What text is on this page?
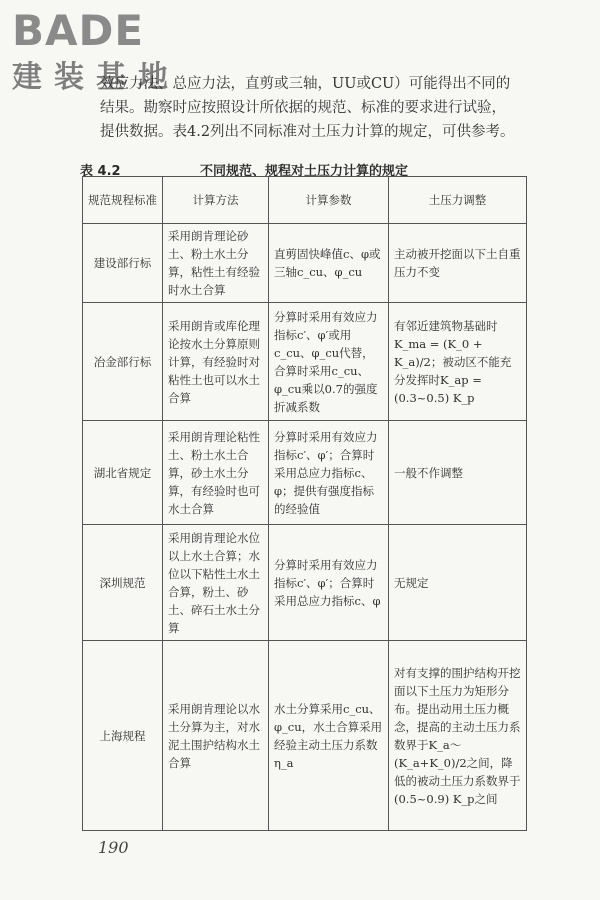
BADE
建装基地

效应力法、总应力法，直剪或三轴，UU或CU）可能得出不同的结果。勘察时应按照设计所依据的规范、标准的要求进行试验，提供数据。表4.2列出不同标准对土压力计算的规定，可供参考。

表 4.2	不同规范、规程对土压力计算的规定
规范规程标准	计算方法	计算参数	土压力调整
建设部行标	采用朗肯理论砂土、粉土水土分算，粘性土有经验时水土合算	直剪固快峰值c、φ或三轴c_cu、φ_cu	主动被开挖面以下土自重压力不变
冶金部行标	采用朗肯或库伦理论按水土分算原则计算，有经验时对粘性土也可以水土合算	分算时采用有效应力指标c′、φ′或用c_cu、φ_cu代替，合算时采用c_cu、φ_cu乘以0.7的强度折减系数	有邻近建筑物基础时K_ma = (K_0 + K_a)/2；被动区不能充分发挥时K_ap = (0.3~0.5) K_p
湖北省规定	采用朗肯理论粘性土、粉土水土合算，砂土水土分算，有经验时也可水土合算	分算时采用有效应力指标c′、φ′；合算时采用总应力指标c、φ；提供有强度指标的经验值	一般不作调整
深圳规范	采用朗肯理论水位以上水土合算；水位以下粘性土水土合算，粉土、砂土、碎石土水土分算	分算时采用有效应力指标c′、φ′；合算时采用总应力指标c、φ	无规定
上海规程	采用朗肯理论以水土分算为主，对水泥土围护结构水土合算	水土分算采用c_cu、φ_cu，水土合算采用经验主动土压力系数η_a	对有支撑的围护结构开挖面以下土压力为矩形分布。提出动用土压力概念，提高的主动土压力系数界于K_a～(K_a+K_0)/2之间，降低的被动土压力系数界于(0.5~0.9) K_p之间
190
